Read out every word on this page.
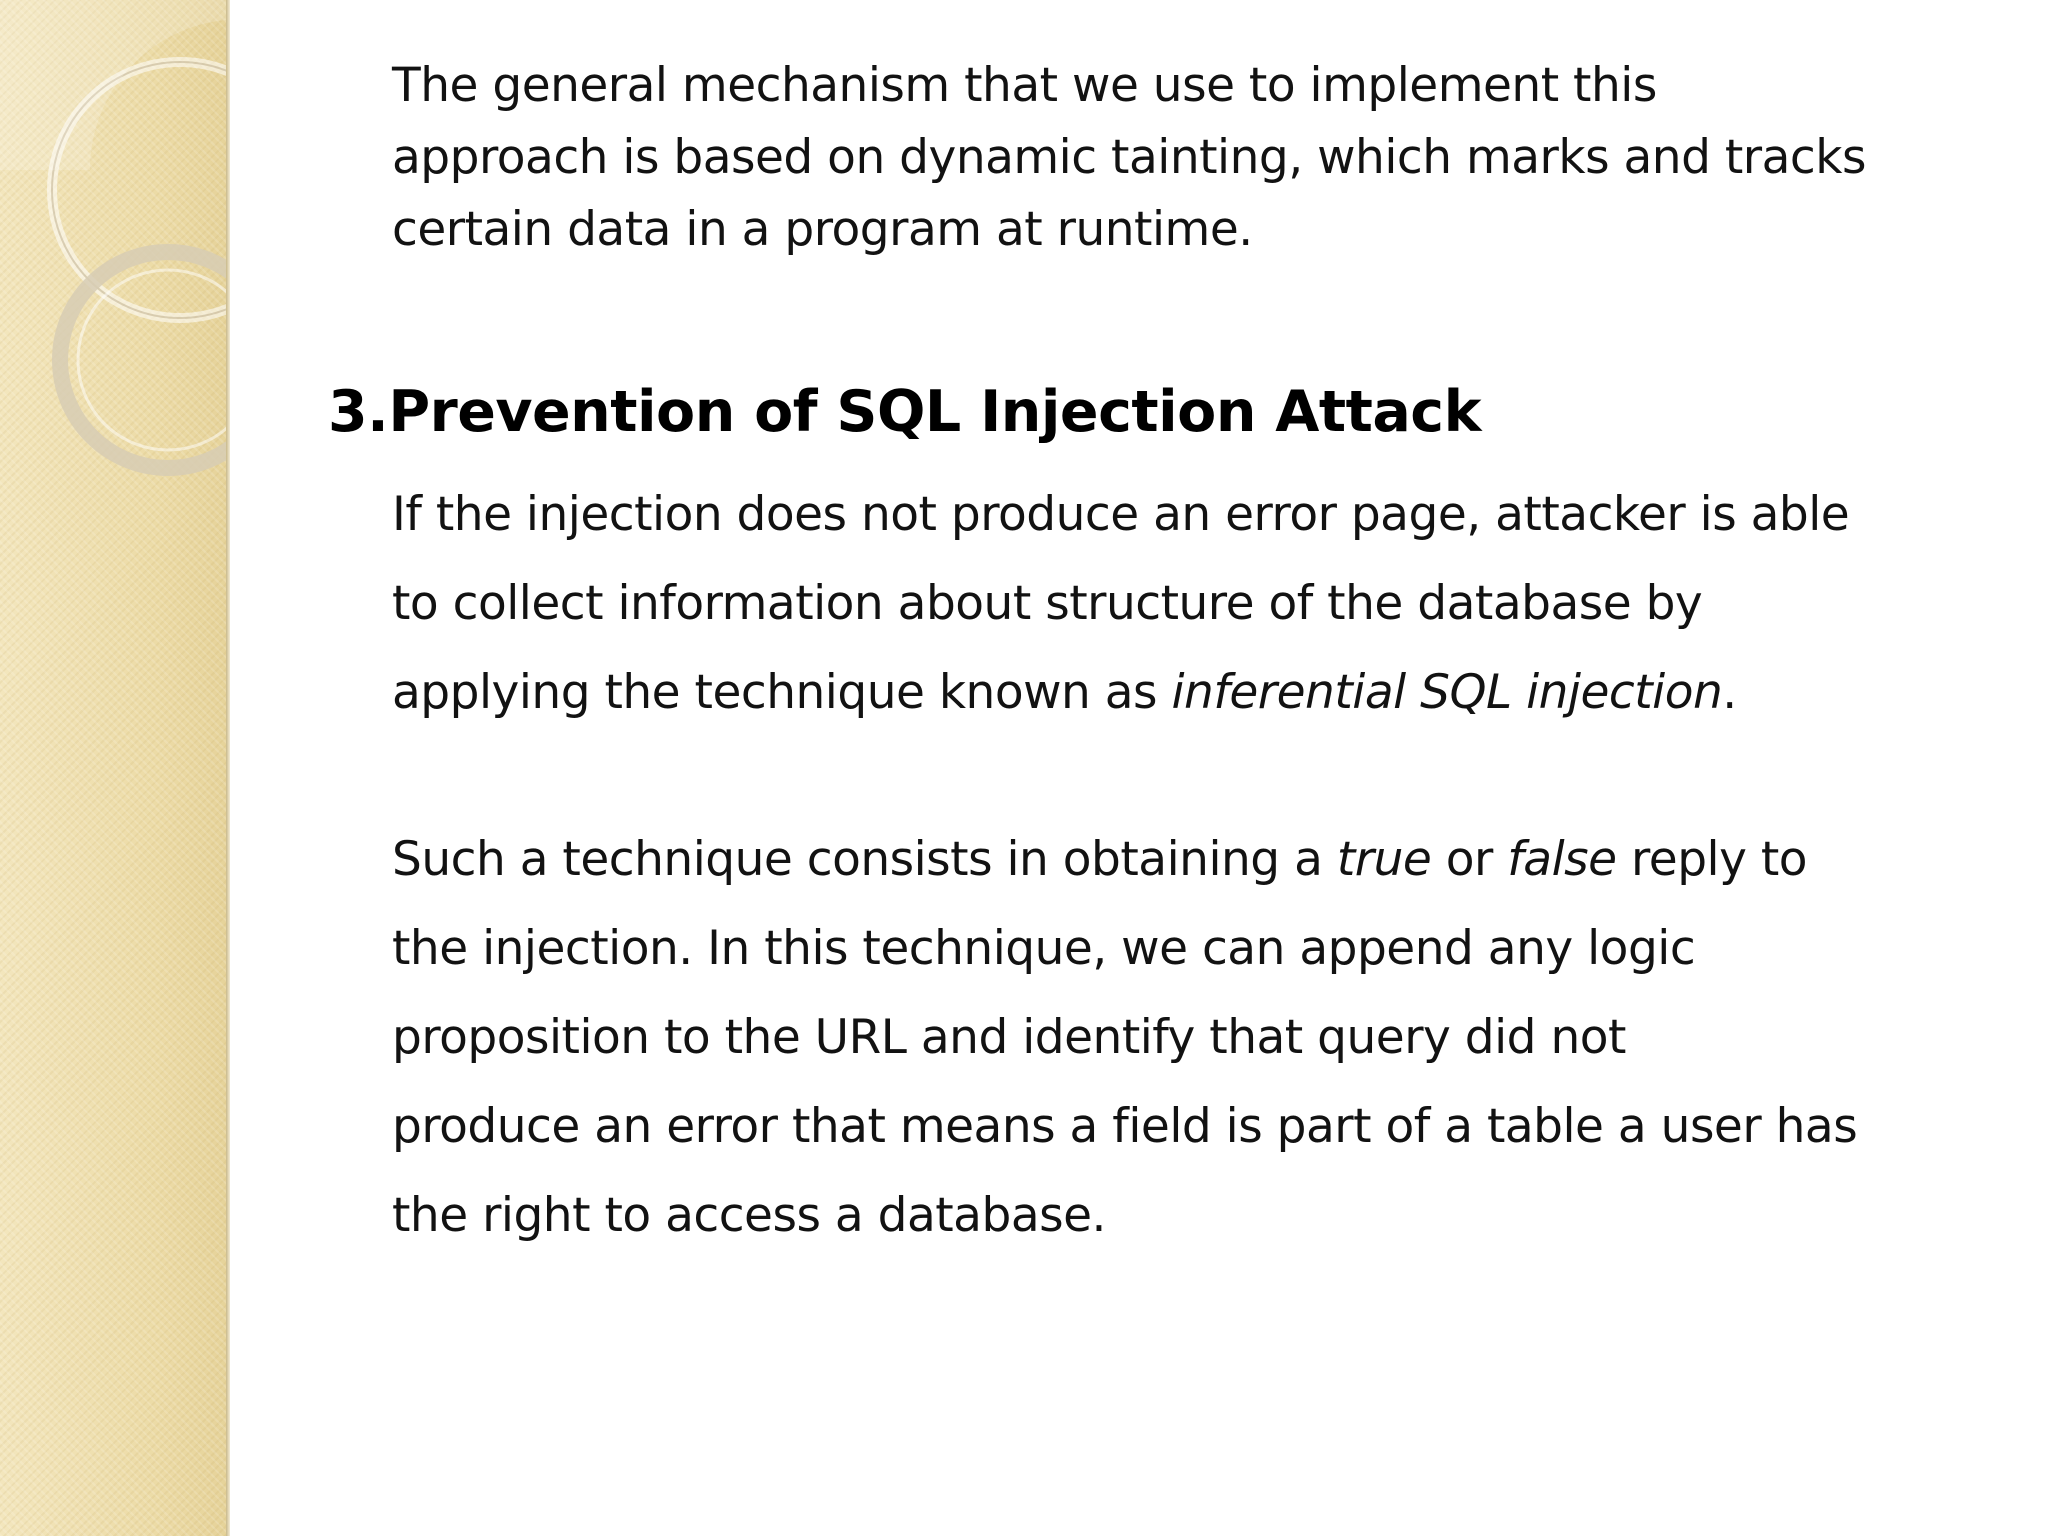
The general mechanism that we use to implement this
approach is based on dynamic tainting, which marks and tracks
certain data in a program at runtime.
3.Prevention of SQL Injection Attack
If the injection does not produce an error page, attacker is able
to collect information about structure of the database by
applying the technique known as inferential SQL injection.
Such a technique consists in obtaining a true or false reply to
the injection. In this technique, we can append any logic
proposition to the URL and identify that query did not
produce an error that means a field is part of a table a user has
the right to access a database.
